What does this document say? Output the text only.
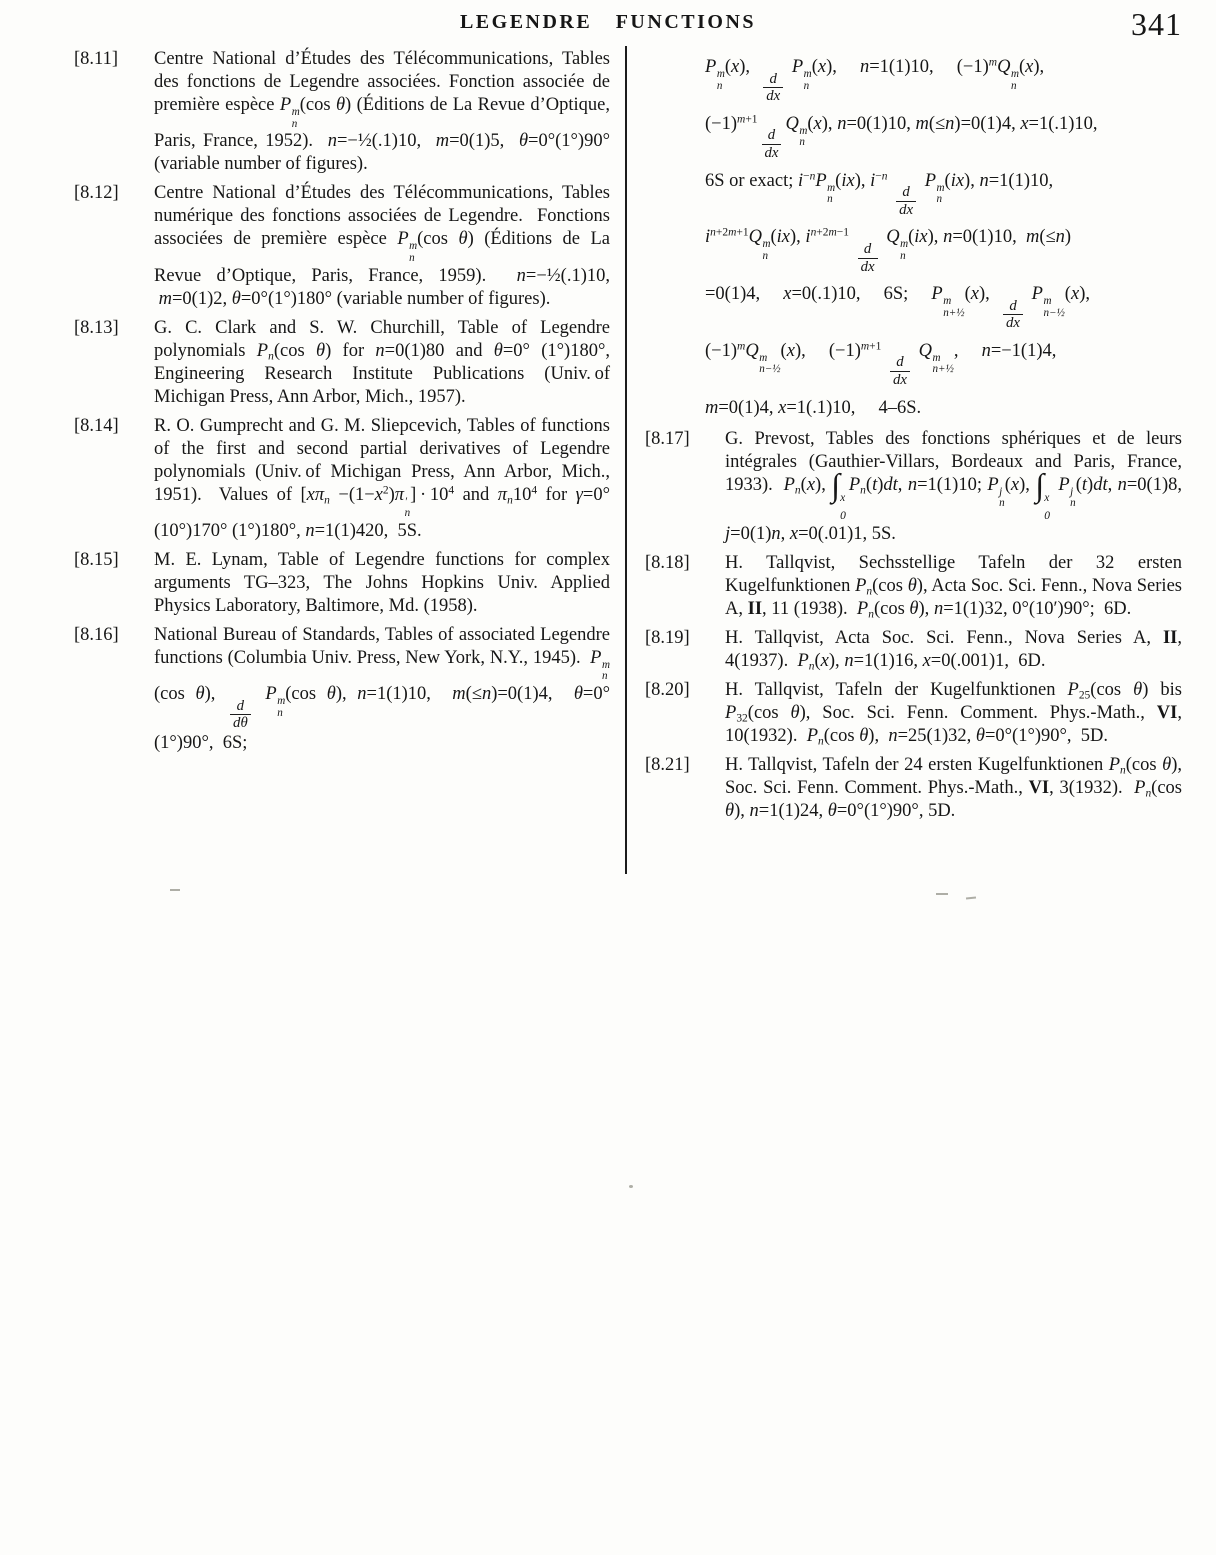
LEGENDRE FUNCTIONS	341
[8.11] Centre National d’Études des Télécommunications, Tables des fonctions de Legendre associées. Fonction associée de première espèce P m
n
(cos θ) (Éditions de La Revue d’Optique, Paris, France, 1952).  n=−½(.1)10,  m=0(1)5,  θ=0°(1°)90° (variable number of figures).
[8.12] Centre National d’Études des Télécommunications, Tables numérique des fonctions associées de Legendre.  Fonctions associées de première espèce P m
n
(cos θ) (Éditions de La Revue d’Optique, Paris, France, 1959).  n=−½(.1)10,  m=0(1)2, θ=0°(1°)180° (variable number of figures).
[8.13] G. C. Clark and S. W. Churchill, Table of Legendre polynomials $P_n(\cos$ θ) for n=0(1)80 and θ=0° (1°)180°, Engineering Research Institute Publications (Univ. of Michigan Press, Ann Arbor, Mich., 1957).
[8.14] R. O. Gumprecht and G. M. Sliepcevich, Tables of functions of the first and second partial derivatives of Legendre polynomials (Univ. of Michigan Press, Ann Arbor, Mich., 1951).  Values of [$x\pi_n -(1-x^2)\pi$ ′
n
] · $10^4$ and $\pi_n10^4$ for γ=0°(10°)170° (1°)180°, n=1(1)420,  5S.
[8.15] M. E. Lynam, Table of Legendre functions for complex arguments TG–323, The Johns Hopkins Univ. Applied Physics Laboratory, Baltimore, Md. (1958).
[8.16] National Bureau of Standards, Tables of associated Legendre functions (Columbia Univ. Press, New York, N.Y., 1945).  P m
n
(cos θ),
$\frac{d}{d\theta}$
P m
n
(cos θ), n=1(1)10,  m(≤n)=0(1)4,  θ=0°(1°)90°,  6S;
P m
n
(x),
$\frac{d}{dx}$
P m
n
(x),  n=1(1)10,  $(-1)^mQ$ m
n
(x),
$(-1)^{m+1}$
$\frac{d}{dx}$
Q m
n
(x), n=0(1)10, m(≤n)=0(1)4, x=1(.1)10,
6S or exact; $i^{-n}P$ m
n
(ix), $i^{-n}$
$\frac{d}{dx}$
P m
n
(ix), n=1(1)10,
$i^{n+2m+1}Q$ m
n
(ix), $i^{n+2m-1}$
$\frac{d}{dx}$
Q m
n
(ix), n=0(1)10,  m(≤n)
=0(1)4,  x=0(.1)10,  6S;  P m
n+½
(x),
$\frac{d}{dx}$
P m
n−½
(x),
$(-1)^mQ$ m
n−½
(x),  $(-1)^{m+1}$
$\frac{d}{dx}$
Q m
n+½
,  n=−1(1)4,
m=0(1)4, x=1(.1)10,  4–6S.
[8.17] G. Prevost, Tables des fonctions sphériques et de leurs intégrales (Gauthier-Villars, Bordeaux and Paris, France, 1933).  $P_n(x)$, ∫ x
0
$P_n(t)dt$, n=1(1)10; P j
n
(x), ∫ x
0
P j
n
(t)dt, n=0(1)8, j=0(1)n, x=0(.01)1, 5S.
[8.18] H. Tallqvist, Sechsstellige Tafeln der 32 ersten Kugelfunktionen $P_n(\cos$ θ), Acta Soc. Sci. Fenn., Nova Series A, II, 11 (1938).  $P_n(\cos$ θ), n=1(1)32, 0°(10′)90°;  6D.
[8.19] H. Tallqvist, Acta Soc. Sci. Fenn., Nova Series A, II, 4(1937).  $P_n(x)$, n=1(1)16, x=0(.001)1,  6D.
[8.20] H. Tallqvist, Tafeln der Kugelfunktionen $P_{25}(\cos$ θ) bis $P_{32}(\cos$ θ), Soc. Sci. Fenn. Comment. Phys.-Math., VI, 10(1932).  $P_n(\cos$ θ),  n=25(1)32, θ=0°(1°)90°,  5D.
[8.21] H. Tallqvist, Tafeln der 24 ersten Kugelfunktionen $P_n(\cos$ θ), Soc. Sci. Fenn. Comment. Phys.-Math., VI, 3(1932).  $P_n(\cos$ θ), n=1(1)24, θ=0°(1°)90°, 5D.
